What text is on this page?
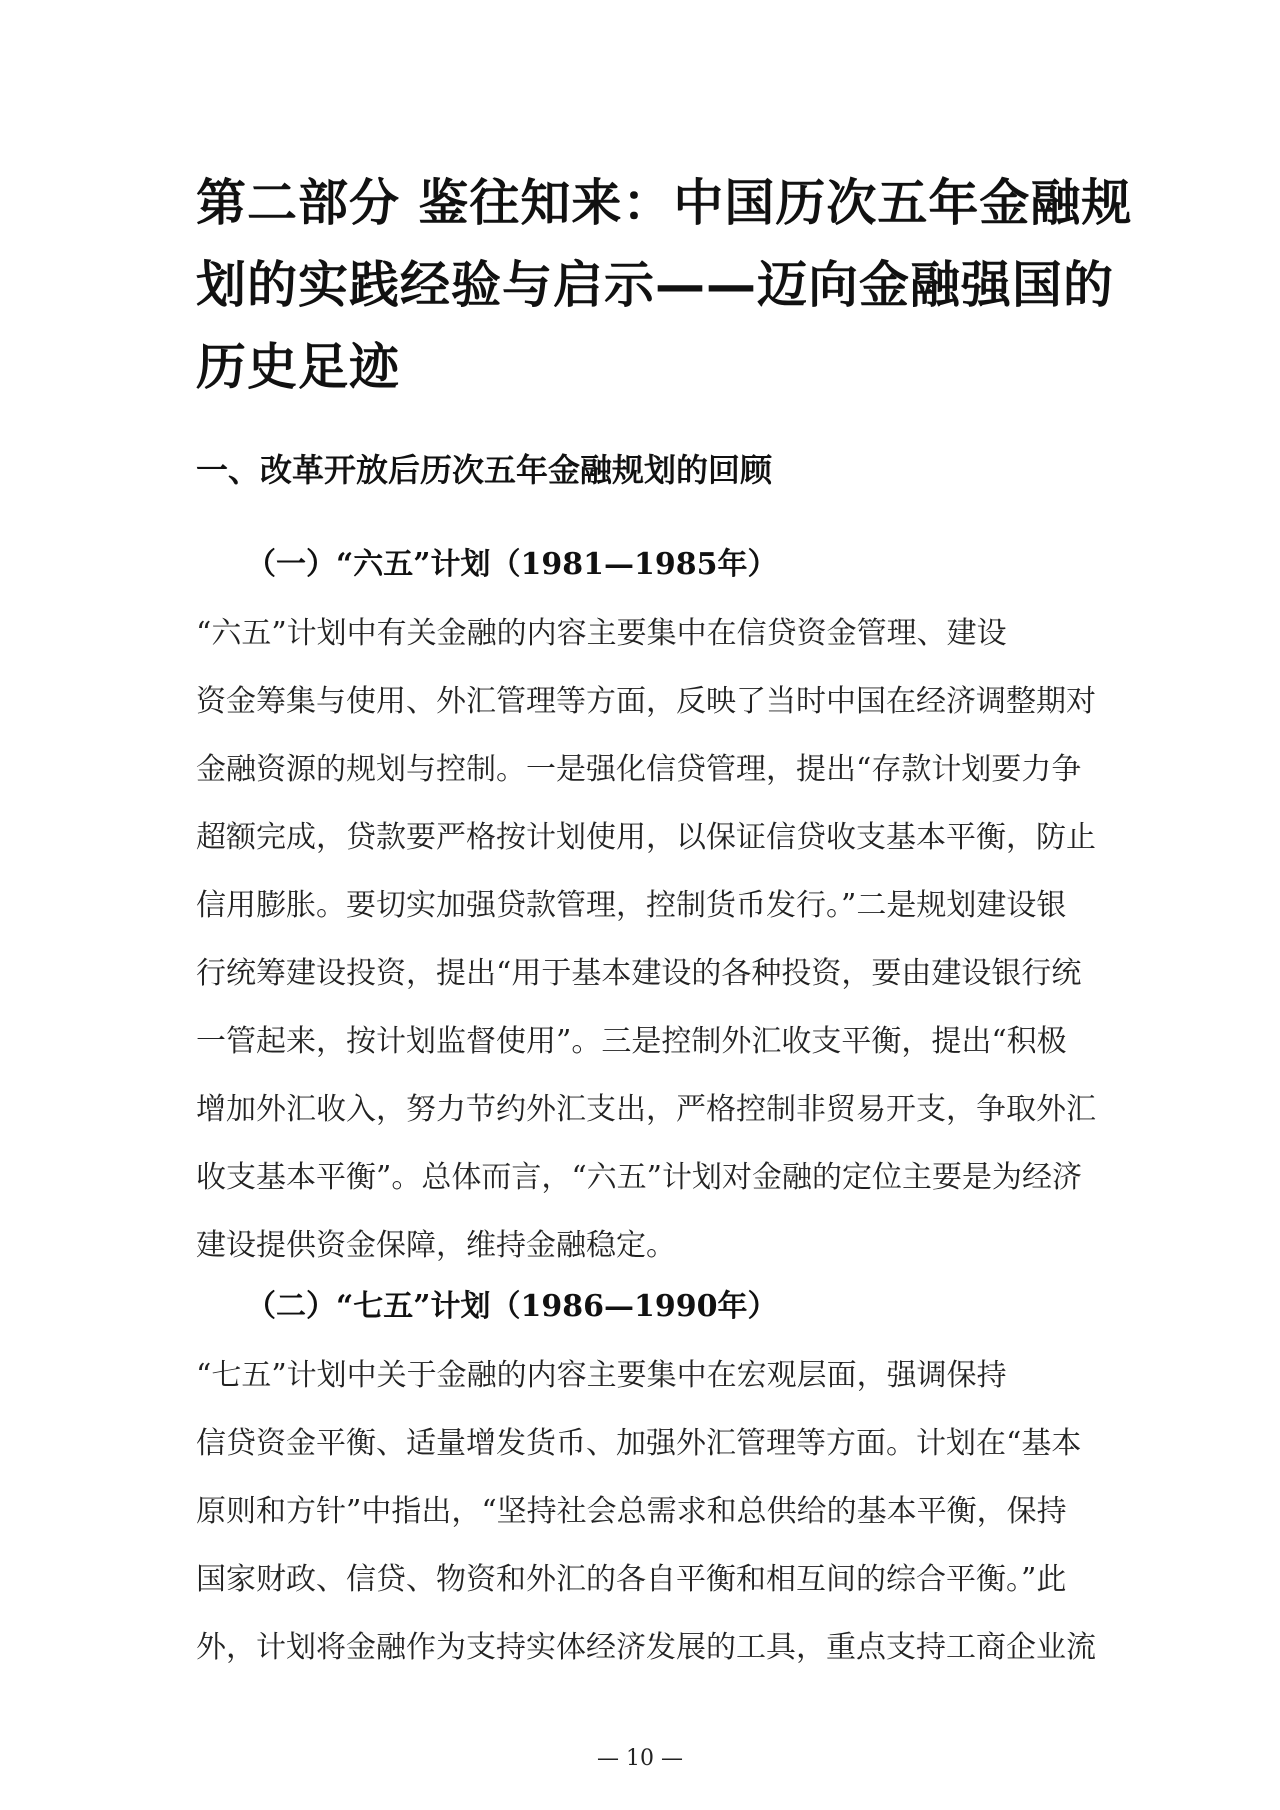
第二部分 鉴往知来：中国历次五年金融规
划的实践经验与启示——迈向金融强国的
历史足迹
一、改革开放后历次五年金融规划的回顾
（一）“六五”计划（1981—1985年）
“六五”计划中有关金融的内容主要集中在信贷资金管理、建设
资金筹集与使用、外汇管理等方面，反映了当时中国在经济调整期对
金融资源的规划与控制。一是强化信贷管理，提出“存款计划要力争
超额完成，贷款要严格按计划使用，以保证信贷收支基本平衡，防止
信用膨胀。要切实加强贷款管理，控制货币发行。”二是规划建设银
行统筹建设投资，提出“用于基本建设的各种投资，要由建设银行统
一管起来，按计划监督使用”。三是控制外汇收支平衡，提出“积极
增加外汇收入，努力节约外汇支出，严格控制非贸易开支，争取外汇
收支基本平衡”。总体而言，“六五”计划对金融的定位主要是为经济
建设提供资金保障，维持金融稳定。
（二）“七五”计划（1986—1990年）
“七五”计划中关于金融的内容主要集中在宏观层面，强调保持
信贷资金平衡、适量增发货币、加强外汇管理等方面。计划在“基本
原则和方针”中指出，“坚持社会总需求和总供给的基本平衡，保持
国家财政、信贷、物资和外汇的各自平衡和相互间的综合平衡。”此
外，计划将金融作为支持实体经济发展的工具，重点支持工商企业流
— 10 —
